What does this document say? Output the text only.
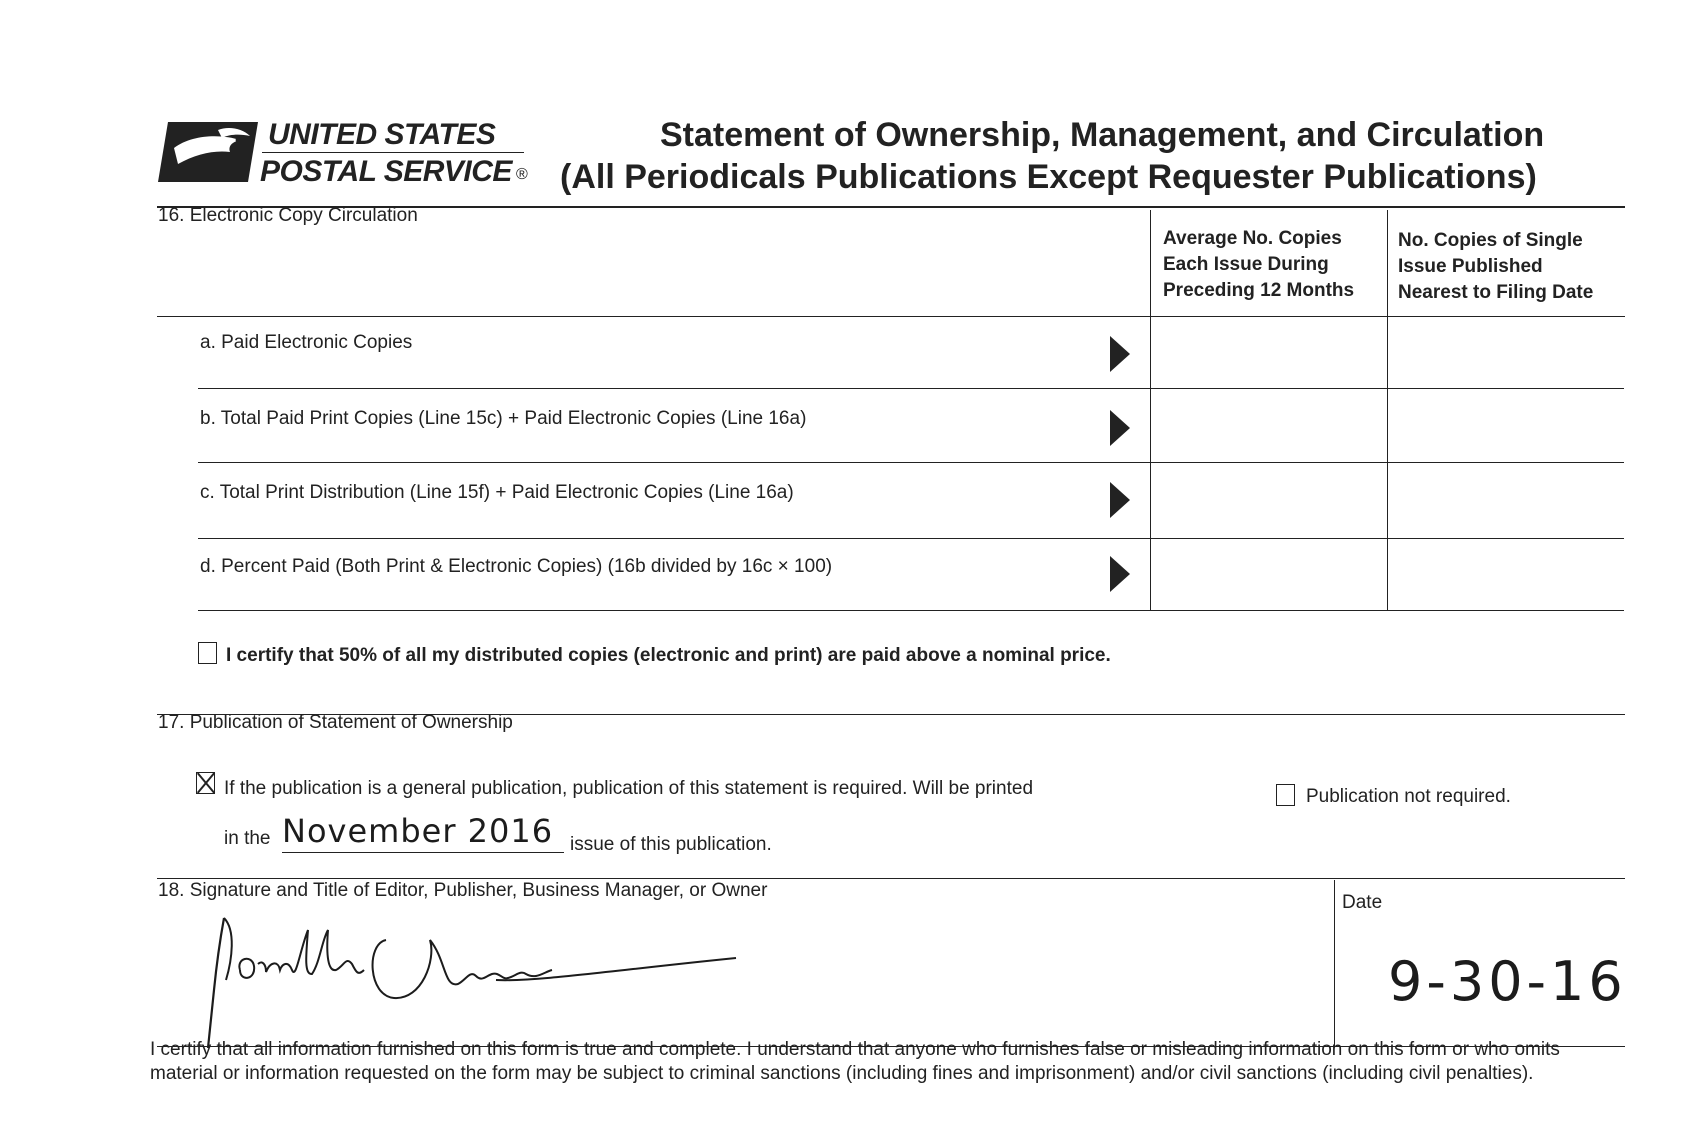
UNITED STATES
POSTAL SERVICE ®
Statement of Ownership, Management, and Circulation
(All Periodicals Publications Except Requester Publications)
16. Electronic Copy Circulation
Average No. Copies
Each Issue During
Preceding 12 Months
No. Copies of Single
Issue Published
Nearest to Filing Date
a. Paid Electronic Copies
b. Total Paid Print Copies (Line 15c) + Paid Electronic Copies (Line 16a)
c. Total Print Distribution (Line 15f) + Paid Electronic Copies (Line 16a)
d. Percent Paid (Both Print & Electronic Copies) (16b divided by 16c × 100)
I certify that 50% of all my distributed copies (electronic and print) are paid above a nominal price.
17. Publication of Statement of Ownership
If the publication is a general publication, publication of this statement is required. Will be printed	Publication not required.
in the November 2016 issue of this publication.
18. Signature and Title of Editor, Publisher, Business Manager, or Owner
Date
9-30-16
I certify that all information furnished on this form is true and complete. I understand that anyone who furnishes false or misleading information on this form or who omits material or information requested on the form may be subject to criminal sanctions (including fines and imprisonment) and/or civil sanctions (including civil penalties).
